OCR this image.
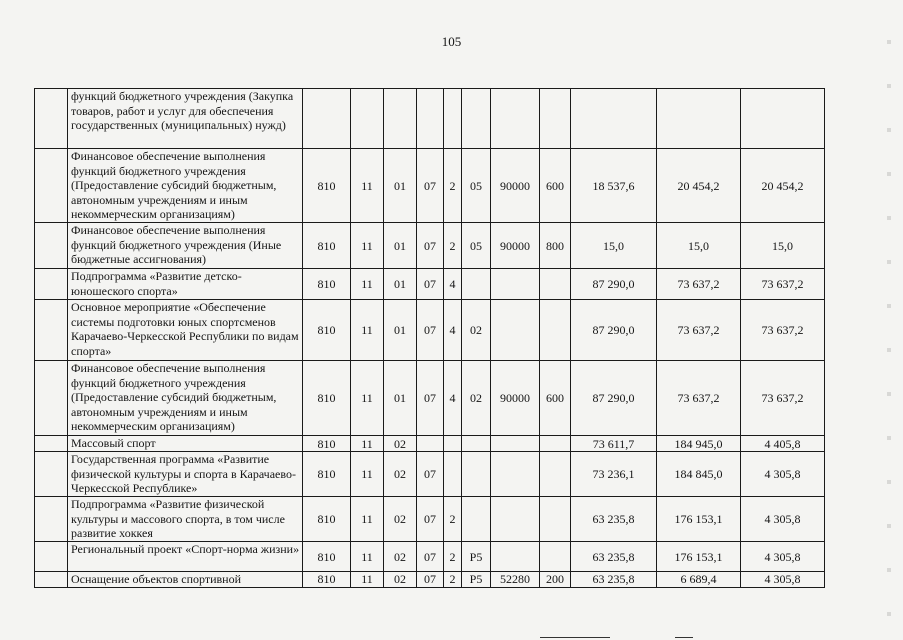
105
	функций бюджетного учреждения (Закупка товаров, работ и услуг для обеспечения государственных (муниципальных) нужд)											
	Финансовое обеспечение выполнения функций бюджетного учреждения (Предоставление субсидий бюджетным, автономным учреждениям и иным некоммерческим организациям)	810	11	01	07	2	05	90000	600	18 537,6	20 454,2	20 454,2
	Финансовое обеспечение выполнения функций бюджетного учреждения (Иные бюджетные ассигнования)	810	11	01	07	2	05	90000	800	15,0	15,0	15,0
	Подпрограмма «Развитие детско-юношеского спорта»	810	11	01	07	4				87 290,0	73 637,2	73 637,2
	Основное мероприятие «Обеспечение системы подготовки юных спортсменов Карачаево-Черкесской Республики по видам спорта»	810	11	01	07	4	02			87 290,0	73 637,2	73 637,2
	Финансовое обеспечение выполнения функций бюджетного учреждения (Предоставление субсидий бюджетным, автономным учреждениям и иным некоммерческим организациям)	810	11	01	07	4	02	90000	600	87 290,0	73 637,2	73 637,2
	Массовый спорт	810	11	02						73 611,7	184 945,0	4 405,8
	Государственная программа «Развитие физической культуры и спорта в Карачаево-Черкесской Республике»	810	11	02	07					73 236,1	184 845,0	4 305,8
	Подпрограмма «Развитие физической культуры и массового спорта, в том числе развитие хоккея	810	11	02	07	2				63 235,8	176 153,1	4 305,8
	Региональный проект «Спорт-норма жизни»	810	11	02	07	2	P5			63 235,8	176 153,1	4 305,8
	Оснащение объектов спортивной	810	11	02	07	2	P5	52280	200	63 235,8	6 689,4	4 305,8
